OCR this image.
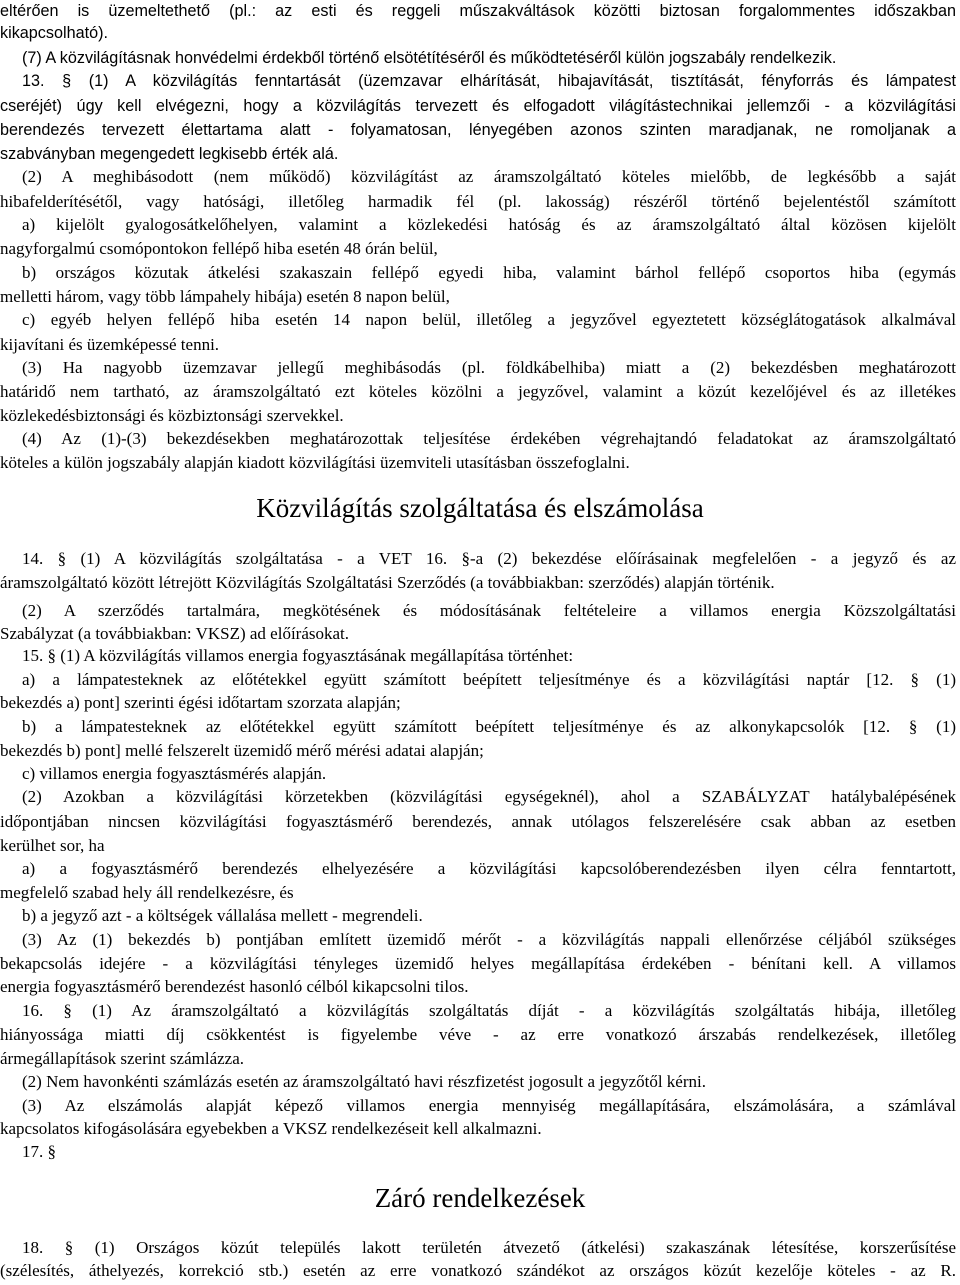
eltérően is üzemeltethető (pl.: az esti és reggeli műszakváltások közötti biztosan forgalommentes időszakban
kikapcsolható).
(7) A közvilágításnak honvédelmi érdekből történő elsötétítéséről és működtetéséről külön jogszabály rendelkezik.
13. § (1) A közvilágítás fenntartását (üzemzavar elhárítását, hibajavítását, tisztítását, fényforrás és lámpatest
cseréjét) úgy kell elvégezni, hogy a közvilágítás tervezett és elfogadott világítástechnikai jellemzői - a közvilágítási
berendezés tervezett élettartama alatt - folyamatosan, lényegében azonos szinten maradjanak, ne romoljanak a
szabványban megengedett legkisebb érték alá.
(2) A meghibásodott (nem működő) közvilágítást az áramszolgáltató köteles mielőbb, de legkésőbb a saját
hibafelderítésétől, vagy hatósági, illetőleg harmadik fél (pl. lakosság) részéről történő bejelentéstől számított
a) kijelölt gyalogosátkelőhelyen, valamint a közlekedési hatóság és az áramszolgáltató által közösen kijelölt
nagyforgalmú csomópontokon fellépő hiba esetén 48 órán belül,
b) országos közutak átkelési szakaszain fellépő egyedi hiba, valamint bárhol fellépő csoportos hiba (egymás
melletti három, vagy több lámpahely hibája) esetén 8 napon belül,
c) egyéb helyen fellépő hiba esetén 14 napon belül, illetőleg a jegyzővel egyeztetett községlátogatások alkalmával
kijavítani és üzemképessé tenni.
(3) Ha nagyobb üzemzavar jellegű meghibásodás (pl. földkábelhiba) miatt a (2) bekezdésben meghatározott
határidő nem tartható, az áramszolgáltató ezt köteles közölni a jegyzővel, valamint a közút kezelőjével és az illetékes
közlekedésbiztonsági és közbiztonsági szervekkel.
(4) Az (1)-(3) bekezdésekben meghatározottak teljesítése érdekében végrehajtandó feladatokat az áramszolgáltató
köteles a külön jogszabály alapján kiadott közvilágítási üzemviteli utasításban összefoglalni.
Közvilágítás szolgáltatása és elszámolása
14. § (1) A közvilágítás szolgáltatása - a VET 16. §-a (2) bekezdése előírásainak megfelelően - a jegyző és az
áramszolgáltató között létrejött Közvilágítás Szolgáltatási Szerződés (a továbbiakban: szerződés) alapján történik.
(2) A szerződés tartalmára, megkötésének és módosításának feltételeire a villamos energia Közszolgáltatási
Szabályzat (a továbbiakban: VKSZ) ad előírásokat.
15. § (1) A közvilágítás villamos energia fogyasztásának megállapítása történhet:
a) a lámpatesteknek az előtétekkel együtt számított beépített teljesítménye és a közvilágítási naptár [12. § (1)
bekezdés a) pont] szerinti égési időtartam szorzata alapján;
b) a lámpatesteknek az előtétekkel együtt számított beépített teljesítménye és az alkonykapcsolók [12. § (1)
bekezdés b) pont] mellé felszerelt üzemidő mérő mérési adatai alapján;
c) villamos energia fogyasztásmérés alapján.
(2) Azokban a közvilágítási körzetekben (közvilágítási egységeknél), ahol a SZABÁLYZAT hatálybalépésének
időpontjában nincsen közvilágítási fogyasztásmérő berendezés, annak utólagos felszerelésére csak abban az esetben
kerülhet sor, ha
a) a fogyasztásmérő berendezés elhelyezésére a közvilágítási kapcsolóberendezésben ilyen célra fenntartott,
megfelelő szabad hely áll rendelkezésre, és
b) a jegyző azt - a költségek vállalása mellett - megrendeli.
(3) Az (1) bekezdés b) pontjában említett üzemidő mérőt - a közvilágítás nappali ellenőrzése céljából szükséges
bekapcsolás idejére - a közvilágítási tényleges üzemidő helyes megállapítása érdekében - bénítani kell. A villamos
energia fogyasztásmérő berendezést hasonló célból kikapcsolni tilos.
16. § (1) Az áramszolgáltató a közvilágítás szolgáltatás díját - a közvilágítás szolgáltatás hibája, illetőleg
hiányossága miatti díj csökkentést is figyelembe véve - az erre vonatkozó árszabás rendelkezések, illetőleg
ármegállapítások szerint számlázza.
(2) Nem havonkénti számlázás esetén az áramszolgáltató havi részfizetést jogosult a jegyzőtől kérni.
(3) Az elszámolás alapját képező villamos energia mennyiség megállapítására, elszámolására, a számlával
kapcsolatos kifogásolására egyebekben a VKSZ rendelkezéseit kell alkalmazni.
17. §
Záró rendelkezések
18. § (1) Országos közút település lakott területén átvezető (átkelési) szakaszának létesítése, korszerűsítése
(szélesítés, áthelyezés, korrekció stb.) esetén az erre vonatkozó szándékot az országos közút kezelője köteles - az R.
